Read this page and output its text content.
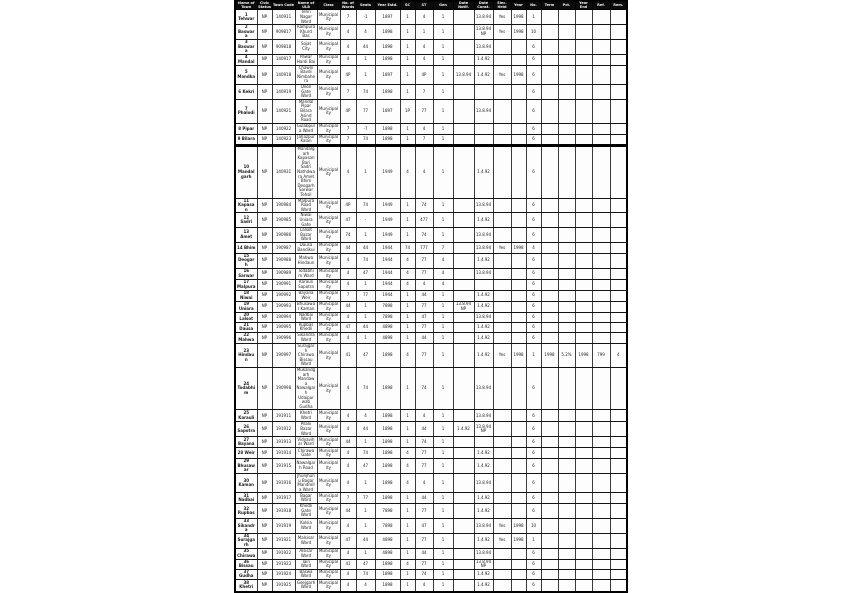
Name of Town	Civic Status	Town Code	Name of ULB	Class	No. of Wards	Seats	Year Estd.	SC	ST	Gen	Date Notif.	Date Const.	Elec. Held	Year	No.	Term	Pct.	Year End	Ref.	Rem.
1 Tehwar	NP	140911	Tehri Nagar Ward	Municipality	7	-1	1897	1	4	1		13.8.94	Yes	1998	1					
2 Baswara	NP	909817	Rampura Khurd Bas	Municipality	4	4	1898	1	1	1		13.8.94 NP	Yes	1998	10					
3 Baswara	NP	909818	Sojat City	Municipality	4	44	1898	1	4	1		13.8.94			6					
4 Mandal	NP	140917	Pawar Hardi Bai	Municipality	4	1	1898	1	4	1		1.4.92			6					
5 Mandka	NP	140918	Chawni Bavdi Nimbahera	Municipality	4P	1	1897	1	4P	1	13.8.94	1.4.92	Yes	1998	6					
6 Kekri	NP	140919	Deoli Gate Ward	Municipality	7	74	1898	1	7	1					6					
7 Phalodi	NP	140921	Mandal Pipar Bilara Asind Road	Municipality	4P	77	1897	1P	77	1		13.8.94			6					
8 Pipar	NP	140922	Gulabpura Ward	Municipality	7	-7	1898	1	4	1					6					
9 Bilara	NP	140923	Jahazpur Kalan	Municipality	7	74	1898	1	7	1					6					
10 Mandalgarh	NP	140931	Mandalgarh Kapasan Bari Sadri Nathdwara Amet Bhim Deogarh Sarwar Tehsil	Municipality	4	1	1949	4	4	1		1.4.92			6					
11 Kapasan	NP	190984	Malpura Road Ward	Municipality	4P	74	1949	1	74	1		13.8.94			6					
12 Sadri	NP	190985	Niwai Uniara Gate	Municipality	47	-	1949	1	477	1		1.4.92			6					
13 Amet	NP	190986	Lalsot Bazar Ward	Municipality	74	1	1949	1	74	1		13.8.94			6					
14 Bhim	NP	190987	Dausa Bandikui	Municipality	44	44	1944	74	777	7		13.8.94	Yes	1998	4					
15 Deogarh	NP	190988	Mahwa Hindaun	Municipality	4	74	1944	4	77	4		1.4.92			6					
16 Sarwar	NP	190989	Todabhim Ward	Municipality	4	47	1944	4	77	4		13.8.94			6					
17 Malpura	NP	190991	Karauli Sapotra	Municipality	4	1	1944	4	4	4					6					
18 Niwai	NP	190992	Bayana Weir	Municipality	7	77	1944	1	44	1		1.4.92			6					
19 Uniara	NP	190993	Bhusawar Kaman	Municipality	44	1	7898	1	77	1	13.8.94 NP	1.4.92			6					
20 Lalsot	NP	190994	Nadbai Ward	Municipality	4	1	7898	1	47	1		13.8.94			6					
21 Dausa	NP	190995	Rupbas Khedli	Municipality	47	44	4898	1	77	1		1.4.92			6					
22 Mahwa	NP	190996	Sikandra Ward	Municipality	4	1	4898	1	44	1		1.4.92			6					
23 Hindaun	NP	190997	Surajgarh Chirawa Bissau Ward	Municipality	41	47	1898	4	77	1		1.4.92	Yes	1998	1	1998	5.2%	1998	799	4
24 Todabhim	NP	190998	Mukandgarh Mandawa Nawalgarh Udaipurwati Gudha	Municipality	4	74	1898	1	74	1		13.8.94			6					
25 Karauli	NP	191911	Khetri Ward	Municipality	4	4	1898	1	4	1		13.8.94			6					
26 Sapotra	NP	191912	Pilani Bazar Ward	Municipality	4	44	1898	1	44	1	1.4.92	13.8.94 NP			6					
27 Bayana	NP	191913	Vidyavihar Ward	Municipality	44	1	1898	1	74	1					6					
28 Weir	NP	191914	Chirawa Gate	Municipality	4	74	1898	4	77	1		1.4.92			6					
29 Bhusawar	NP	191915	Nawalgarh Road	Municipality	4	47	1898	4	77	1		1.4.92			6					
30 Kaman	NP	191916	Jhunjhunu Bagar Mandrella Ward	Municipality	4	1	1898	4	4	1		13.8.94			6					
31 Nadbai	NP	191917	Bagar Ward	Municipality	7	77	1898	1	44	1		1.4.92			6					
32 Rupbas	NP	191918	Khedli Gate Ward	Municipality	44	1	7898	1	77	1		1.4.92			6					
33 Sikandra	NP	191919	Kolsia Ward	Municipality	4	1	7898	1	47	1		13.8.94	Yes	1998	10					
34 Surajgarh	NP	191921	Malsisar Ward	Municipality	47	44	4898	1	77	1		1.4.92	Yes	1998	1					
35 Chirawa	NP	191922	Alsisar Ward	Municipality	4	1	4898	1	44	1		13.8.94			6					
36 Bissau	NP	191923	Tain Ward	Municipality	41	47	1898	4	77	1		13.8.94 NP			6					
37 Gudha	NP	191924	Baswa Ward	Municipality	4	74	1898	1	74	1		1.4.92			6					
38 Khetri	NP	191925	Geejgarh Ward	Municipality	4	4	1898	1	4	1		1.4.92			6					
